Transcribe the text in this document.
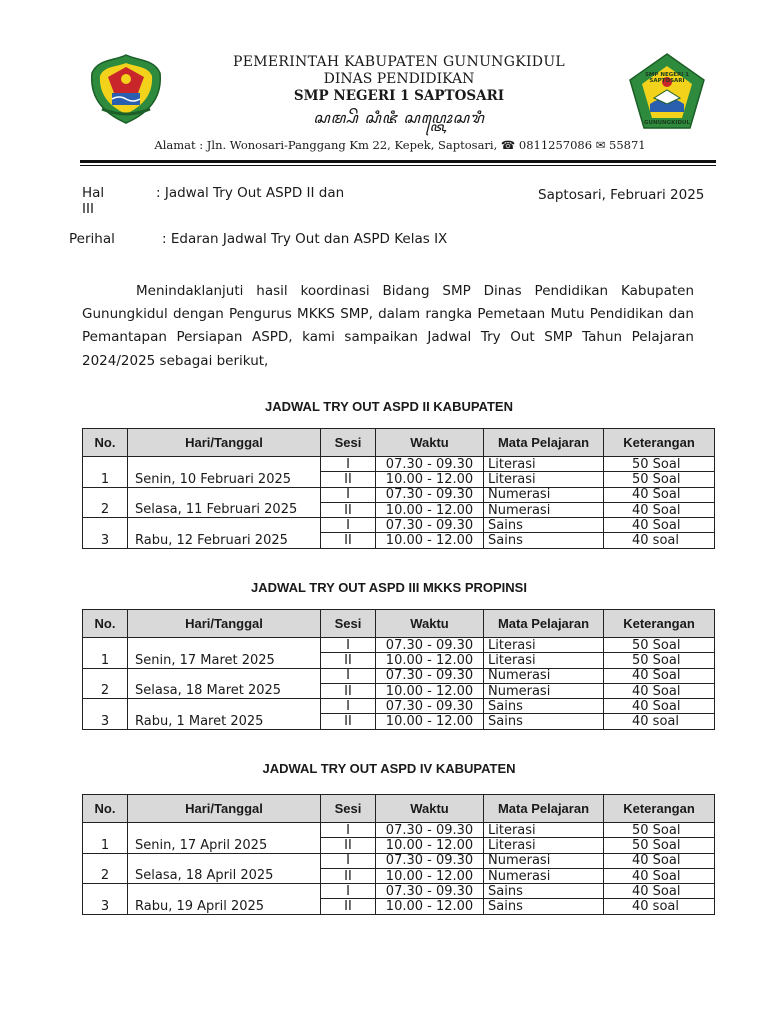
SMP NEGERI 1 SAPTOSARI
GUNUNGKIDUL
PEMERINTAH KABUPATEN GUNUNGKIDUL
DINAS PENDIDIKAN
SMP NEGERI 1 SAPTOSARI
ꦱꦩ꧀ꦥꦼ ꦱꦶꦗꦶ ꦱꦥ꧀ꦠꦺꦴꦱꦫꦶ
Alamat : Jln. Wonosari-Panggang Km 22, Kepek, Saptosari, ☎ 0811257086 ✉ 55871
Hal	: Jadwal Try Out ASPD II dan
III
Saptosari, Februari 2025
Perihal	: Edaran Jadwal Try Out dan ASPD Kelas IX
Menindaklanjuti hasil koordinasi Bidang SMP Dinas Pendidikan Kabupaten Gunungkidul dengan Pengurus MKKS SMP, dalam rangka Pemetaan Mutu Pendidikan dan Pemantapan Persiapan ASPD, kami sampaikan Jadwal Try Out SMP Tahun Pelajaran 2024/2025 sebagai berikut,
JADWAL TRY OUT ASPD II KABUPATEN
No.	Hari/Tanggal	Sesi	Waktu	Mata Pelajaran	Keterangan
1	Senin, 10 Februari 2025	I	07.30 - 09.30	Literasi	50 Soal
		II	10.00 - 12.00	Literasi	50 Soal
2	Selasa, 11 Februari 2025	I	07.30 - 09.30	Numerasi	40 Soal
		II	10.00 - 12.00	Numerasi	40 Soal
3	Rabu, 12 Februari 2025	I	07.30 - 09.30	Sains	40 Soal
		II	10.00 - 12.00	Sains	40 soal
JADWAL TRY OUT ASPD III MKKS PROPINSI
No.	Hari/Tanggal	Sesi	Waktu	Mata Pelajaran	Keterangan
1	Senin, 17 Maret 2025	I	07.30 - 09.30	Literasi	50 Soal
		II	10.00 - 12.00	Literasi	50 Soal
2	Selasa, 18 Maret 2025	I	07.30 - 09.30	Numerasi	40 Soal
		II	10.00 - 12.00	Numerasi	40 Soal
3	Rabu, 1 Maret 2025	I	07.30 - 09.30	Sains	40 Soal
		II	10.00 - 12.00	Sains	40 soal
JADWAL TRY OUT ASPD IV KABUPATEN
No.	Hari/Tanggal	Sesi	Waktu	Mata Pelajaran	Keterangan
1	Senin, 17 April 2025	I	07.30 - 09.30	Literasi	50 Soal
		II	10.00 - 12.00	Literasi	50 Soal
2	Selasa, 18 April 2025	I	07.30 - 09.30	Numerasi	40 Soal
		II	10.00 - 12.00	Numerasi	40 Soal
3	Rabu, 19 April 2025	I	07.30 - 09.30	Sains	40 Soal
		II	10.00 - 12.00	Sains	40 soal
